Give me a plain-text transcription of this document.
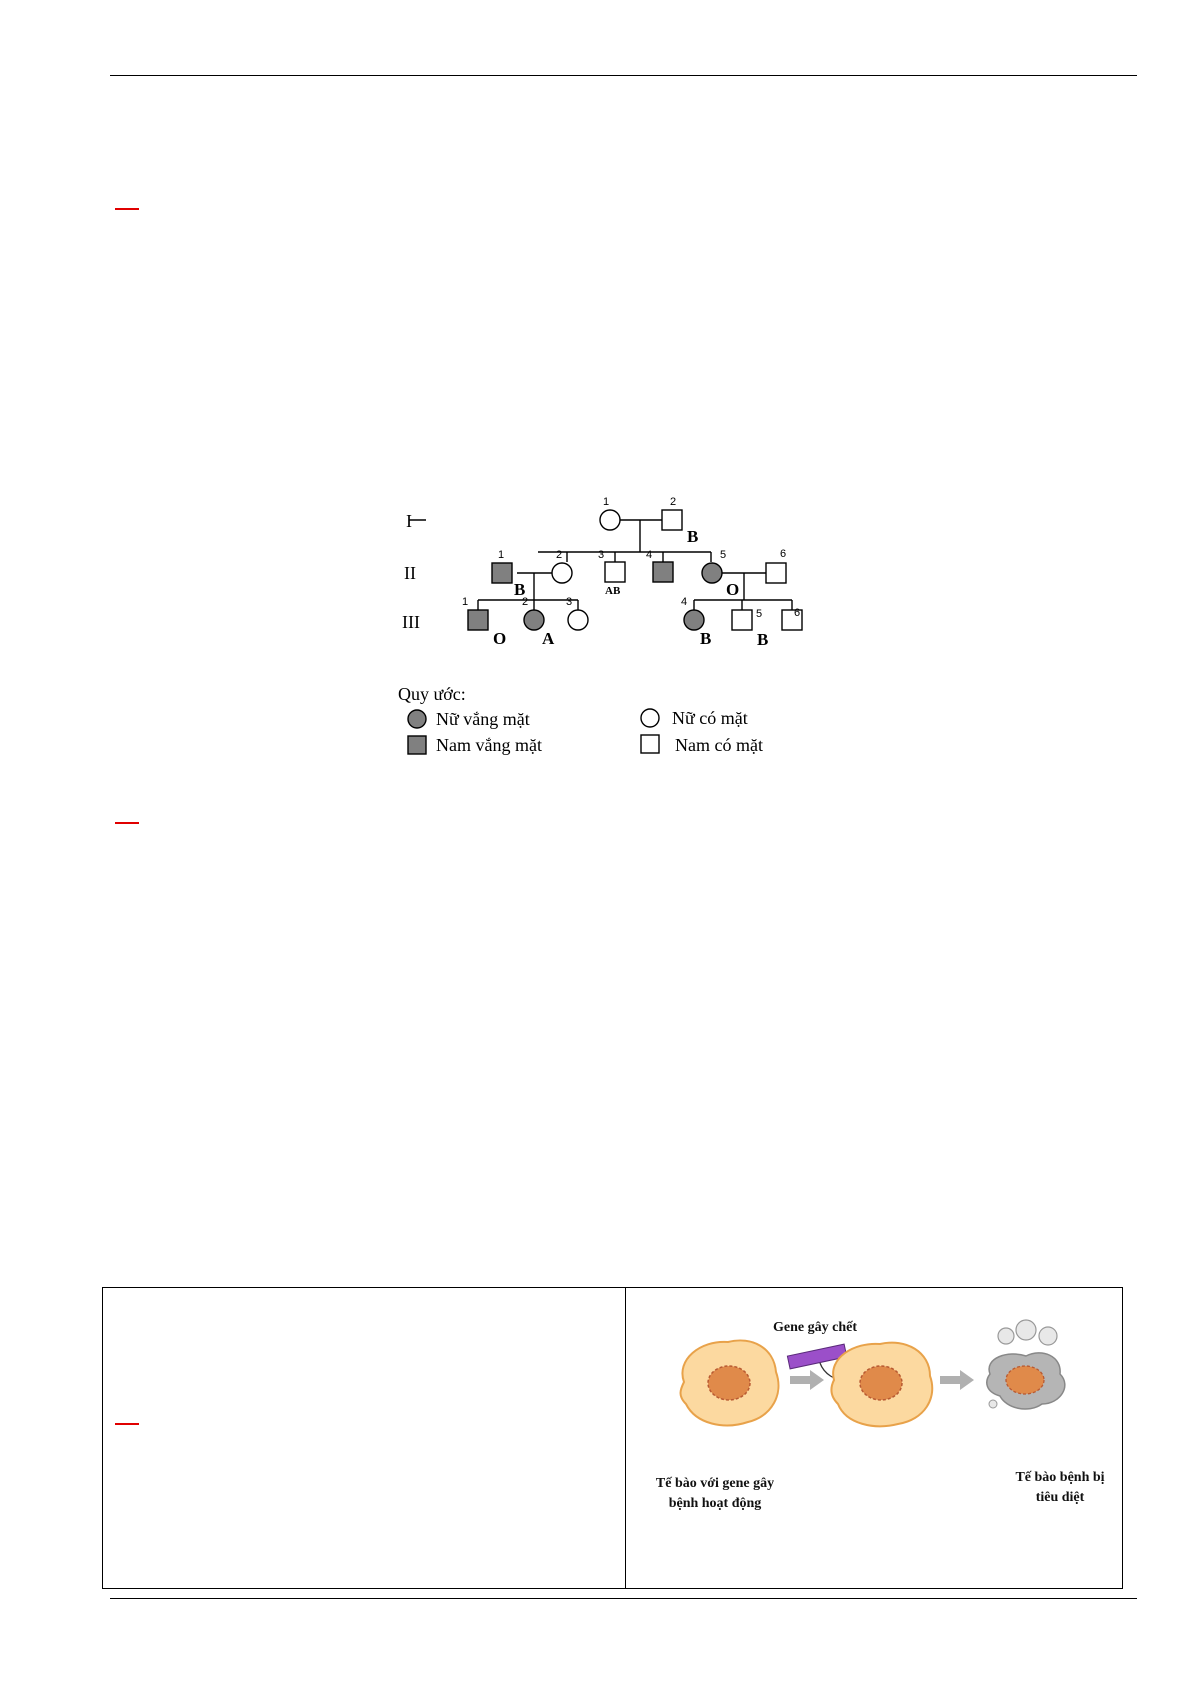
I
II
III
1	2
1	2	3	4	5	6
1	2	3	4
5	6
B
B	AB	O
O A	B	B
Quy ước:
Nữ vắng mặt	Nữ có mặt
Nam vắng mặt	Nam có mặt
Gene gây chết
Tế bào với gene gây
bệnh hoạt động
Tế bào bệnh bị
tiêu diệt
